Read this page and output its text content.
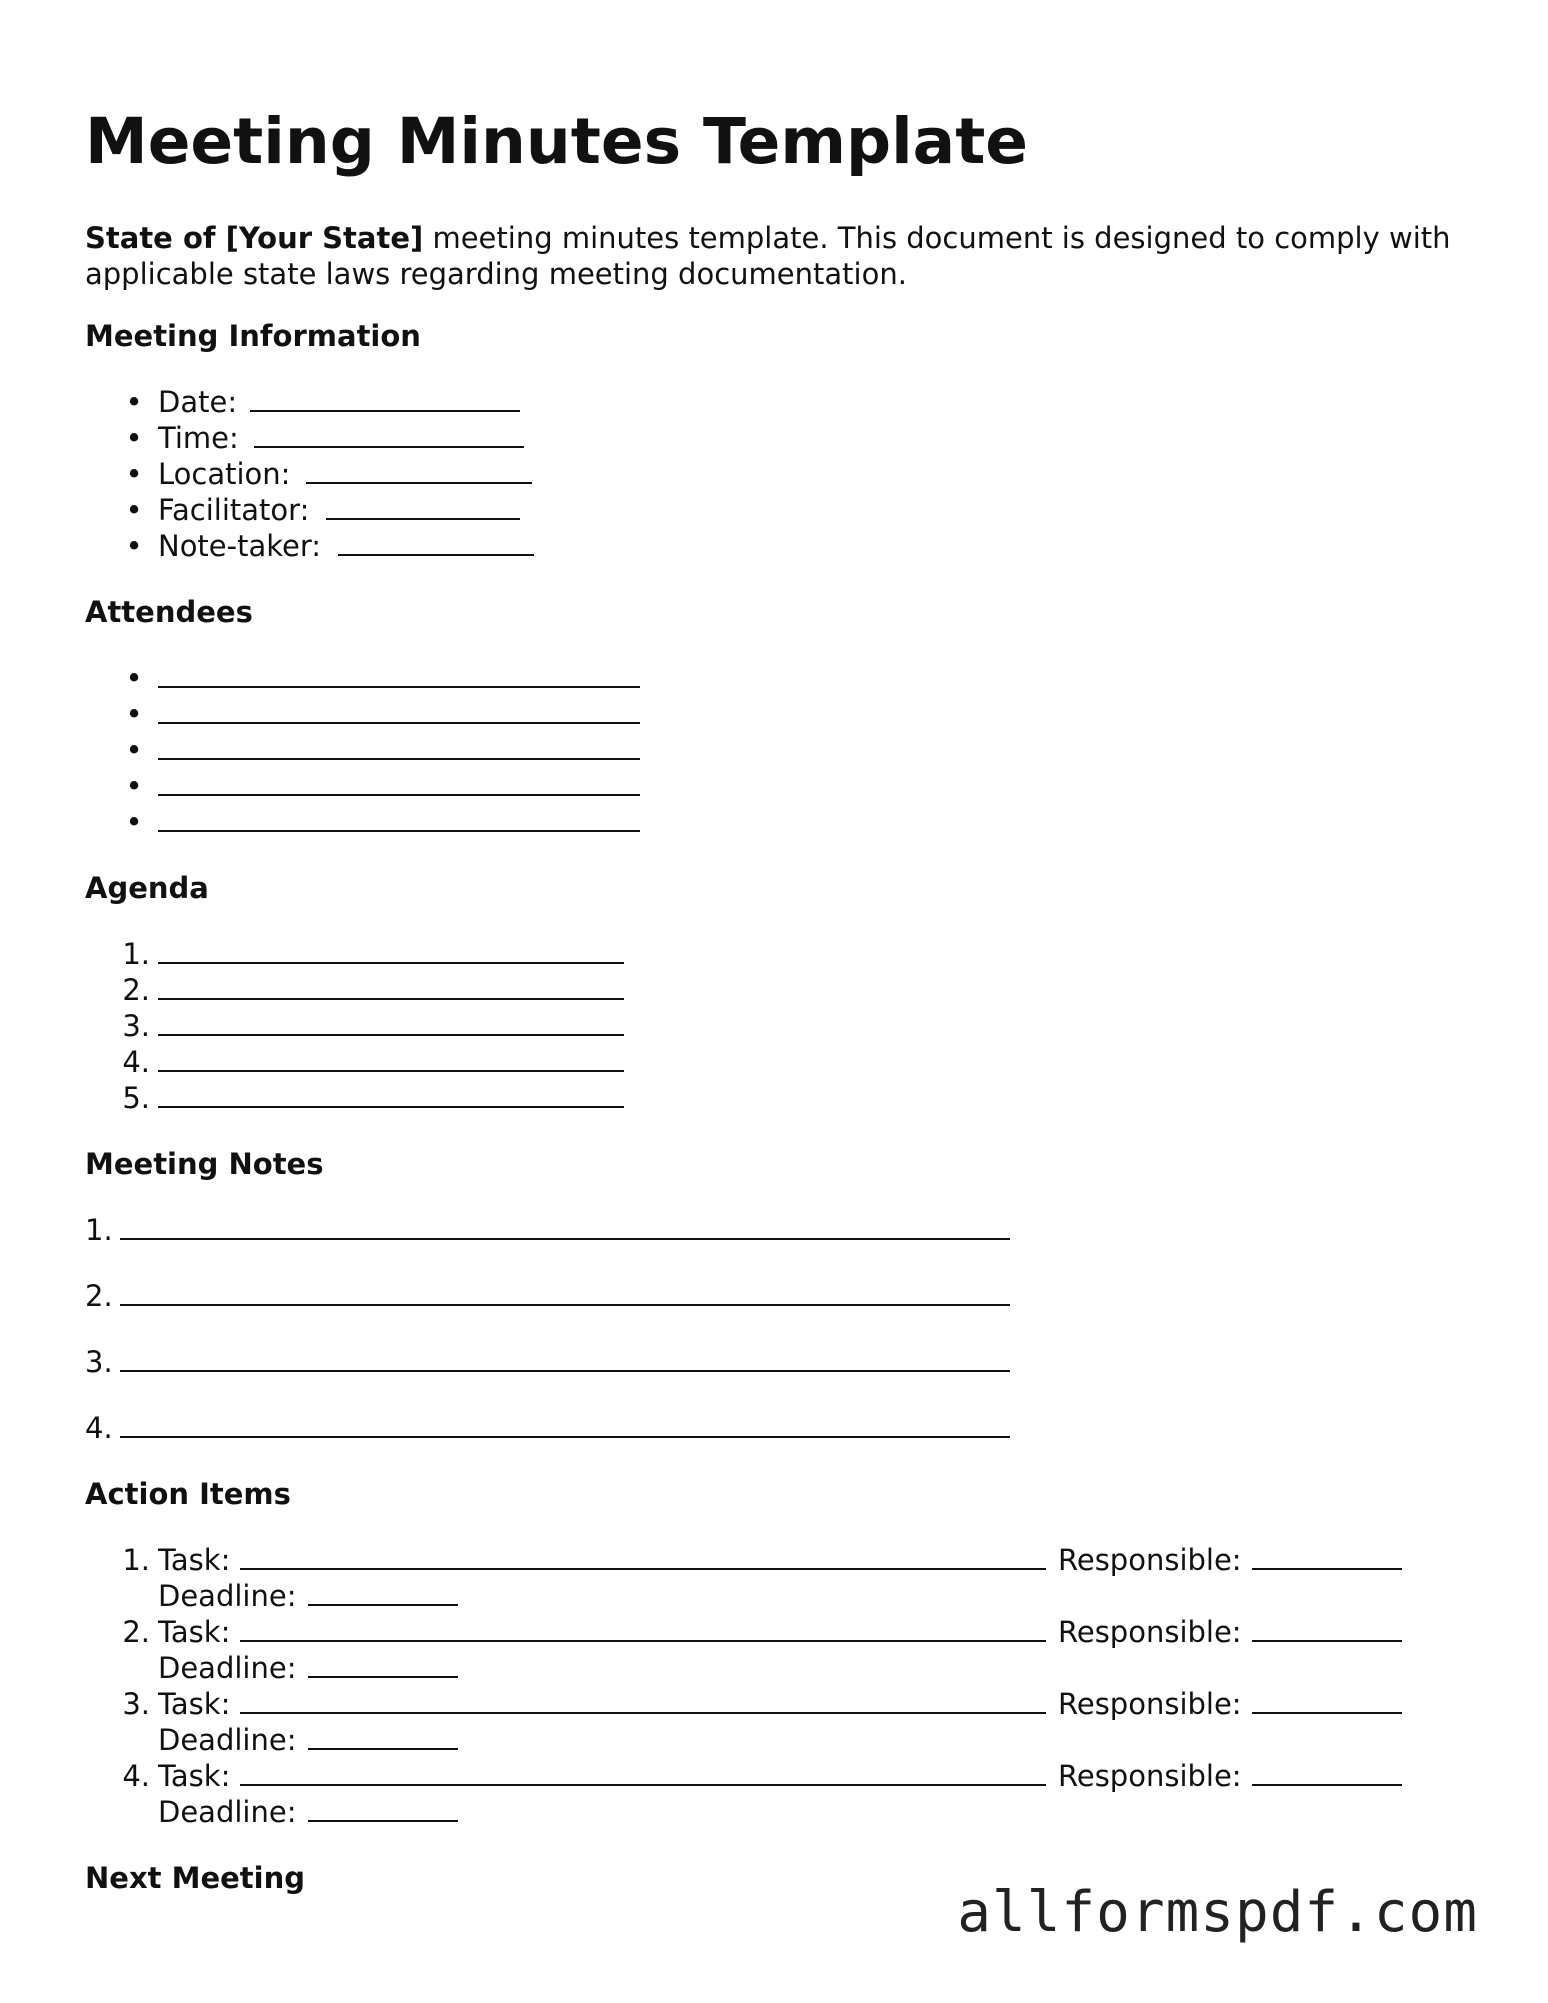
Meeting Minutes Template

State of [Your State] meeting minutes template. This document is designed to comply with applicable state laws regarding meeting documentation.

Meeting Information
• Date:
• Time:
• Location:
• Facilitator:
• Note-taker:
Attendees
•
•
•
•
•
Agenda
1.
2.
3.
4.
5.
Meeting Notes
1.
2.
3.
4.
Action Items
1. Task:	Responsible:
Deadline:
2. Task:	Responsible:
Deadline:
3. Task:	Responsible:
Deadline:
4. Task:	Responsible:
Deadline:
Next Meeting
allformspdf.com
